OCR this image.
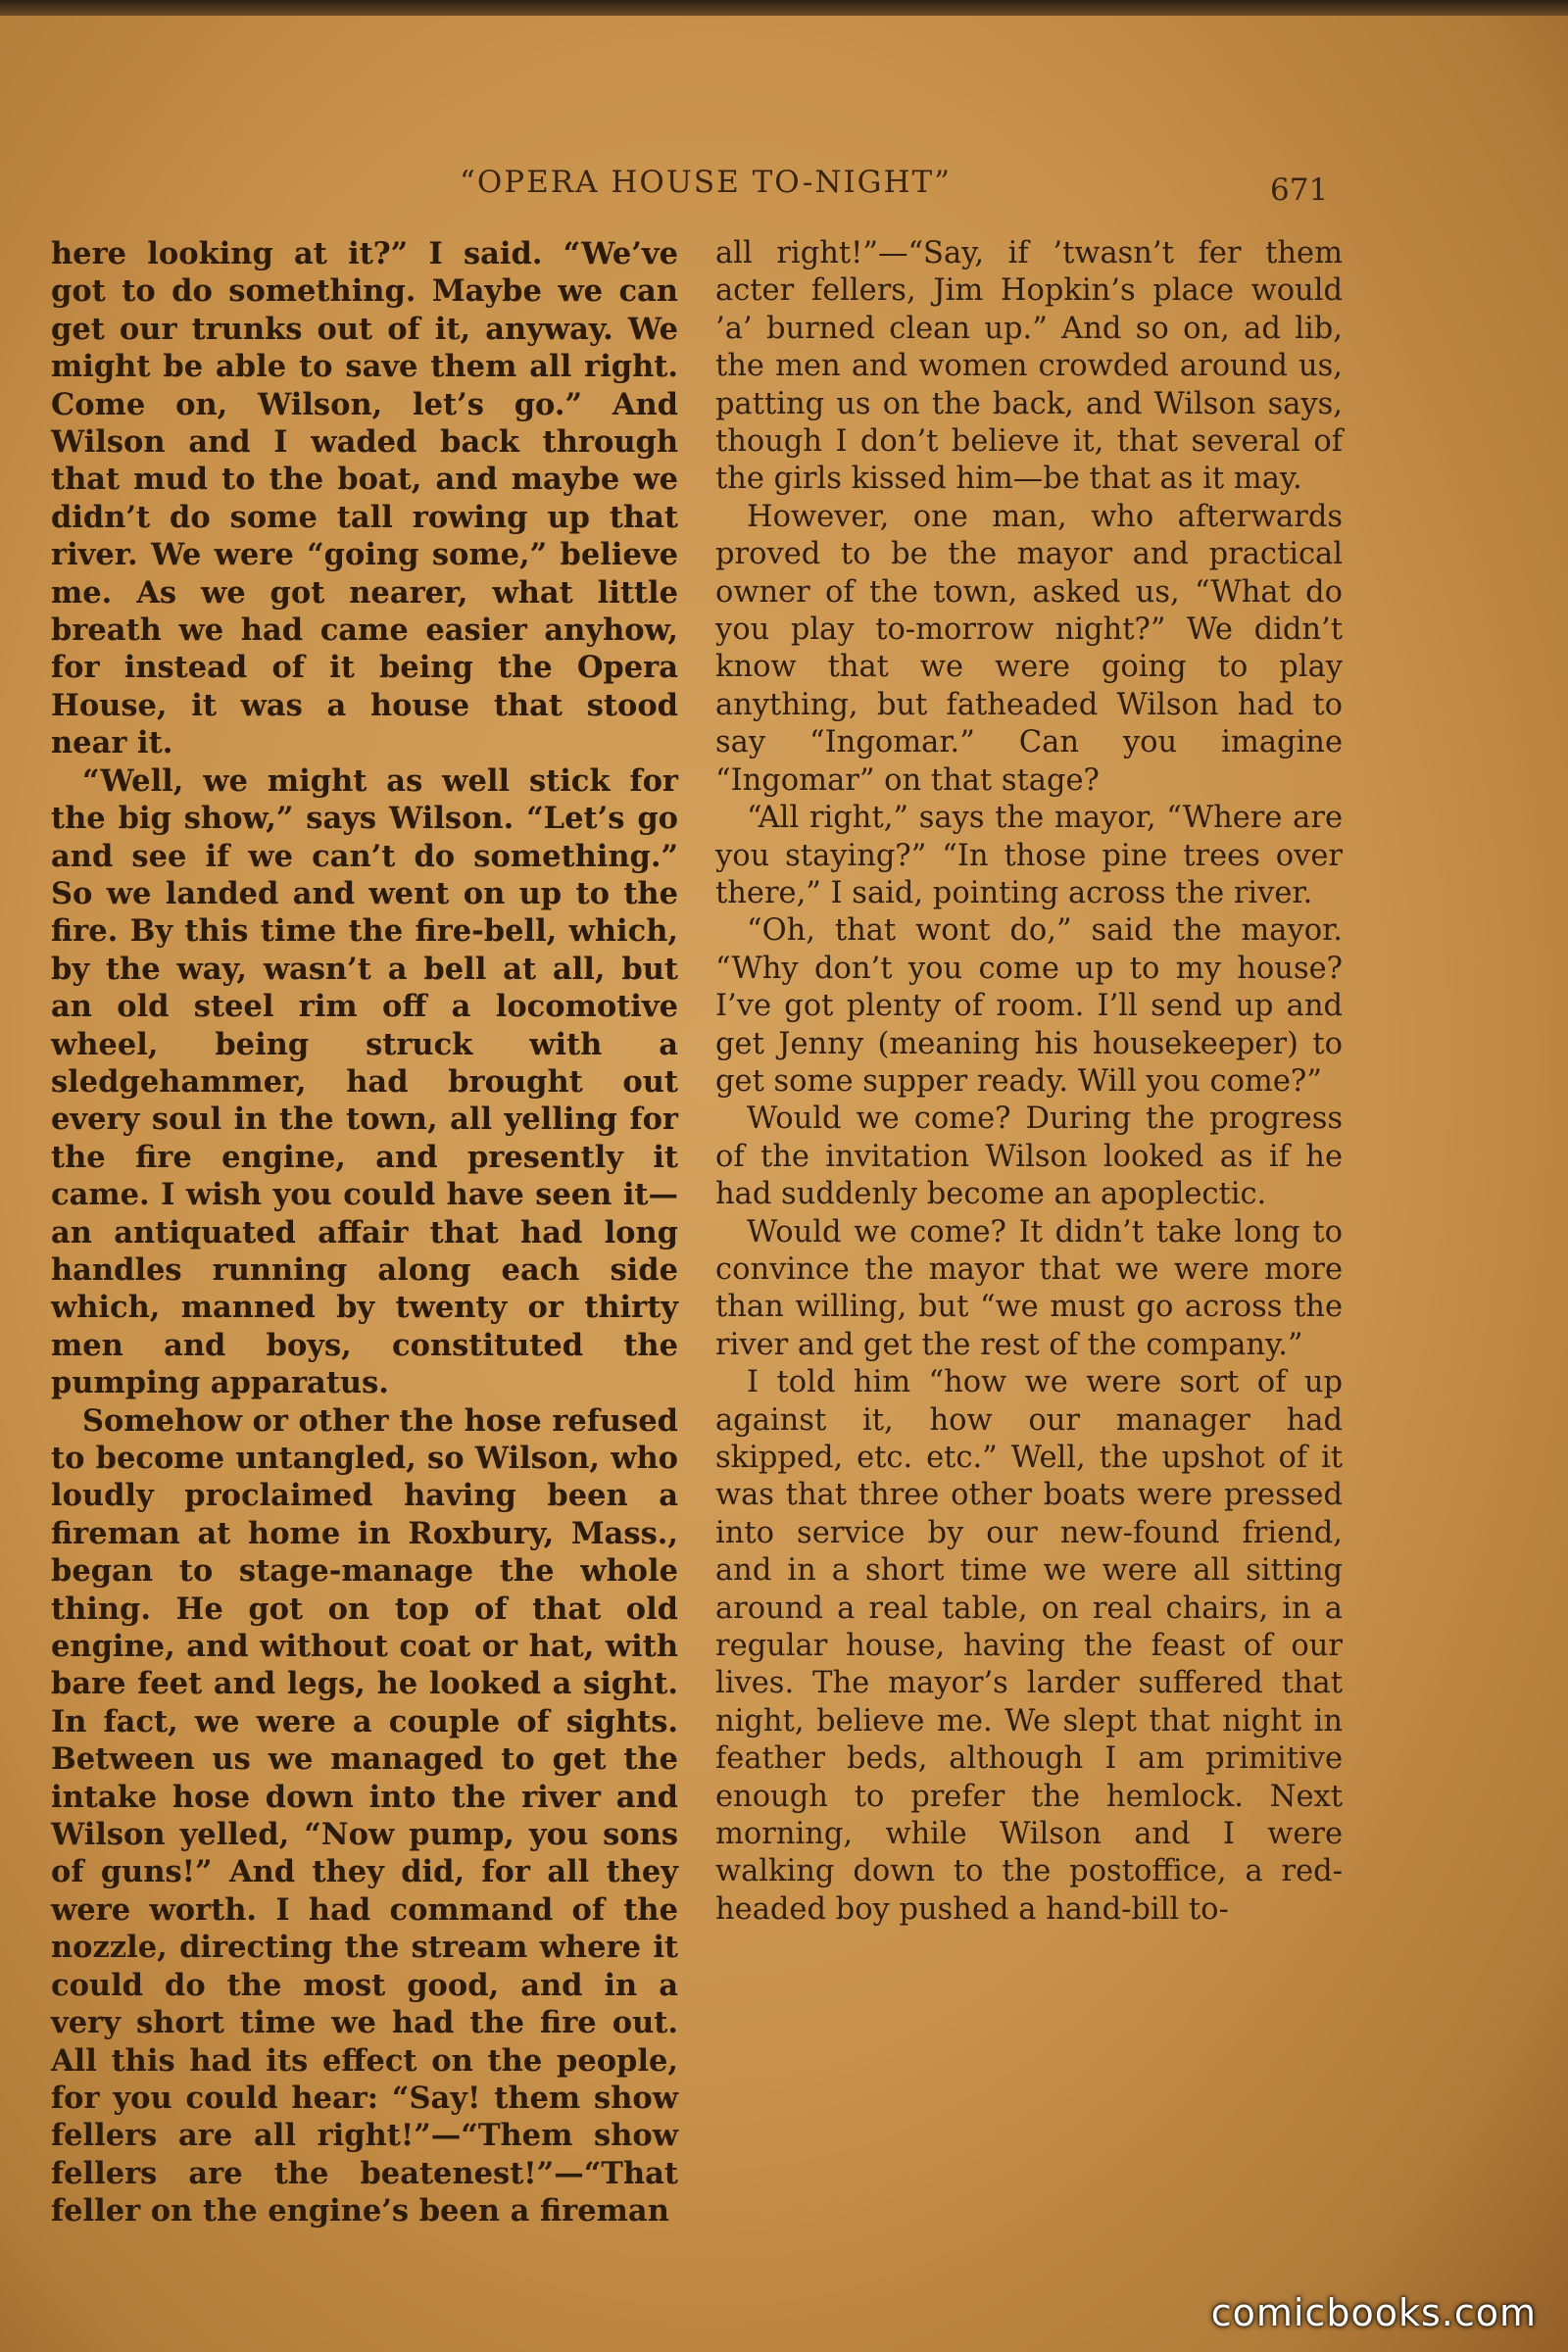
“OPERA HOUSE TO-NIGHT”	671

here looking at it?” I said. “We’ve got to do something. Maybe we can get our trunks out of it, anyway. We might be able to save them all right. Come on, Wilson, let’s go.” And Wilson and I waded back through that mud to the boat, and maybe we didn’t do some tall rowing up that river. We were “going some,” believe me. As we got nearer, what little breath we had came easier anyhow, for instead of it being the Opera House, it was a house that stood near it.

“Well, we might as well stick for the big show,” says Wilson. “Let’s go and see if we can’t do something.” So we landed and went on up to the fire. By this time the fire-bell, which, by the way, wasn’t a bell at all, but an old steel rim off a locomotive wheel, being struck with a sledgehammer, had brought out every soul in the town, all yelling for the fire engine, and presently it came. I wish you could have seen it—an antiquated affair that had long handles running along each side which, manned by twenty or thirty men and boys, constituted the pumping apparatus.

Somehow or other the hose refused to become untangled, so Wilson, who loudly proclaimed having been a fireman at home in Roxbury, Mass., began to stage-manage the whole thing. He got on top of that old engine, and without coat or hat, with bare feet and legs, he looked a sight. In fact, we were a couple of sights. Between us we managed to get the intake hose down into the river and Wilson yelled, “Now pump, you sons of guns!” And they did, for all they were worth. I had command of the nozzle, directing the stream where it could do the most good, and in a very short time we had the fire out. All this had its effect on the people, for you could hear: “Say! them show fellers are all right!”—“Them show fellers are the beatenest!”—“That feller on the engine’s been a fireman

all right!”—“Say, if ’twasn’t fer them acter fellers, Jim Hopkin’s place would ’a’ burned clean up.” And so on, ad lib, the men and women crowded around us, patting us on the back, and Wilson says, though I don’t believe it, that several of the girls kissed him—be that as it may.

However, one man, who afterwards proved to be the mayor and practical owner of the town, asked us, “What do you play to-morrow night?” We didn’t know that we were going to play anything, but fatheaded Wilson had to say “Ingomar.” Can you imagine “Ingomar” on that stage?

“All right,” says the mayor, “Where are you staying?” “In those pine trees over there,” I said, pointing across the river.

“Oh, that wont do,” said the mayor. “Why don’t you come up to my house? I’ve got plenty of room. I’ll send up and get Jenny (meaning his housekeeper) to get some supper ready. Will you come?”

Would we come? During the progress of the invitation Wilson looked as if he had suddenly become an apoplectic.

Would we come? It didn’t take long to convince the mayor that we were more than willing, but “we must go across the river and get the rest of the company.”

I told him “how we were sort of up against it, how our manager had skipped, etc. etc.” Well, the upshot of it was that three other boats were pressed into service by our new-found friend, and in a short time we were all sitting around a real table, on real chairs, in a regular house, having the feast of our lives. The mayor’s larder suffered that night, believe me. We slept that night in feather beds, although I am primitive enough to prefer the hemlock. Next morning, while Wilson and I were walking down to the postoffice, a red-headed boy pushed a hand-bill to-

comicbooks.com
